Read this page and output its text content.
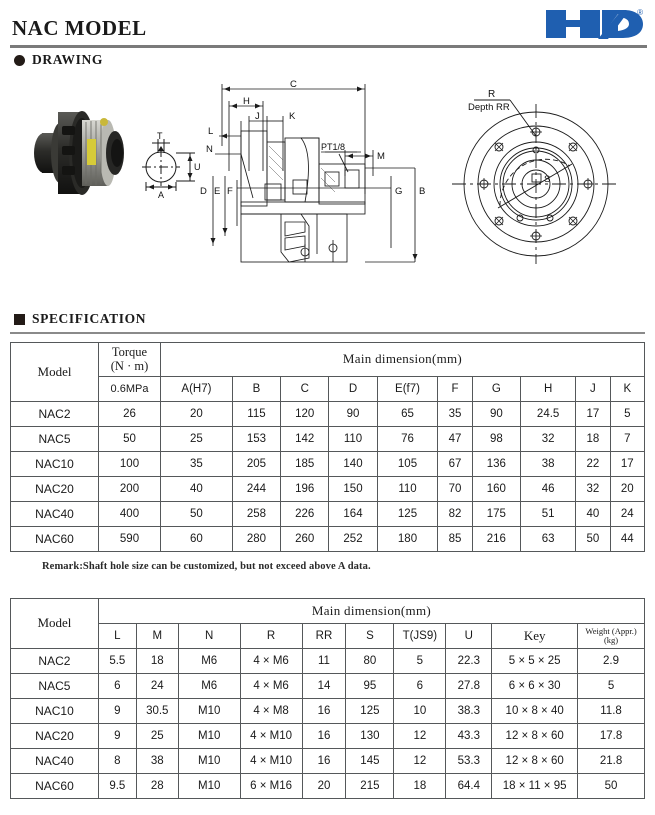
NAC MODEL
®
DRAWING
T
U
A
C
H
J	K
L
N
M
D E F	G B
PT1/8
R
Depth RR
S
SPECIFICATION
Model	Torque
(N · m)	Main dimension(mm)									
	0.6MPa	A(H7)	B	C	D	E(f7)	F	G	H	J	K
NAC2	26	20	115	120	90	65	35	90	24.5	17	5
NAC5	50	25	153	142	110	76	47	98	32	18	7
NAC10	100	35	205	185	140	105	67	136	38	22	17
NAC20	200	40	244	196	150	110	70	160	46	32	20
NAC40	400	50	258	226	164	125	82	175	51	40	24
NAC60	590	60	280	260	252	180	85	216	63	50	44
Remark:Shaft hole size can be customized, but not exceed above A data.
Model	Main dimension(mm)									
	L	M	N	R	RR	S	T(JS9)	U	Key	Weight (Appr.)
(kg)
NAC2	5.5	18	M6	4 × M6	11	80	5	22.3	5 × 5 × 25	2.9
NAC5	6	24	M6	4 × M6	14	95	6	27.8	6 × 6 × 30	5
NAC10	9	30.5	M10	4 × M8	16	125	10	38.3	10 × 8 × 40	11.8
NAC20	9	25	M10	4 × M10	16	130	12	43.3	12 × 8 × 60	17.8
NAC40	8	38	M10	4 × M10	16	145	12	53.3	12 × 8 × 60	21.8
NAC60	9.5	28	M10	6 × M16	20	215	18	64.4	18 × 11 × 95	50
